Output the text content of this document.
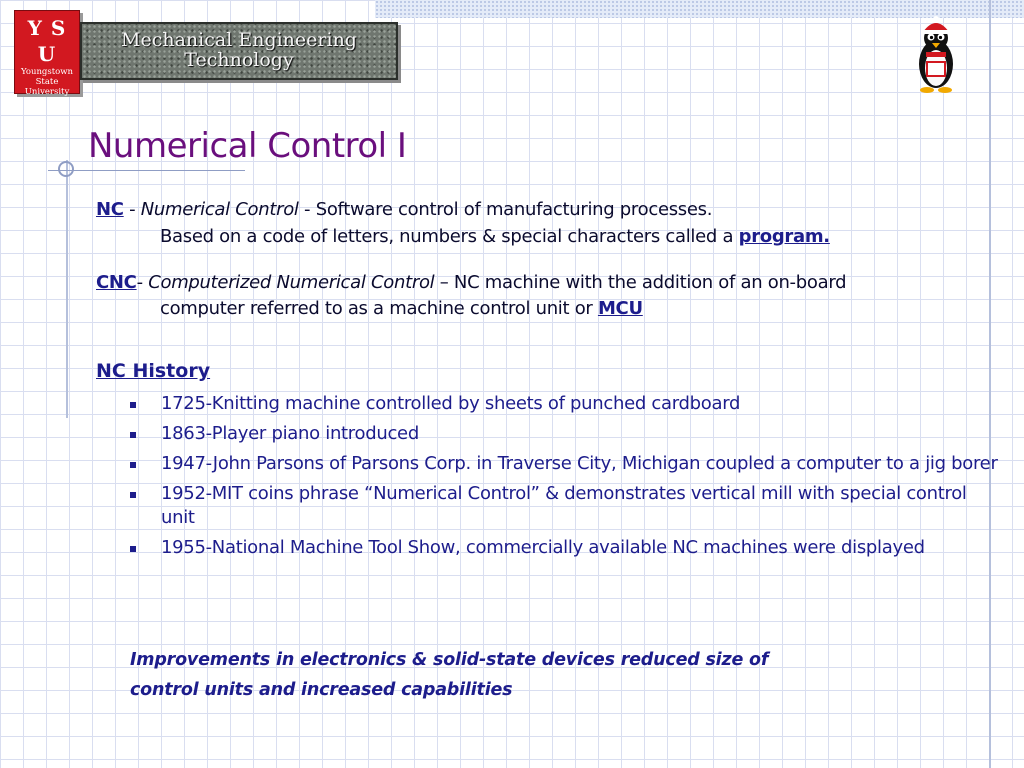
Y S U
Youngstown
State
University
Mechanical Engineering
Technology
Numerical Control I
NC - Numerical Control - Software control of manufacturing processes.
Based on a code of letters, numbers & special characters called a program.
CNC- Computerized Numerical Control – NC machine with the addition of an on-board
computer referred to as a machine control unit or MCU
NC History
1725-Knitting machine controlled by sheets of punched cardboard
1863-Player piano introduced
1947-John Parsons of Parsons Corp. in Traverse City, Michigan coupled a computer to a jig borer
1952-MIT coins phrase “Numerical Control” & demonstrates vertical mill with special control unit
1955-National Machine Tool Show, commercially available NC machines were displayed
Improvements in electronics & solid-state devices reduced size of
control units and increased capabilities
